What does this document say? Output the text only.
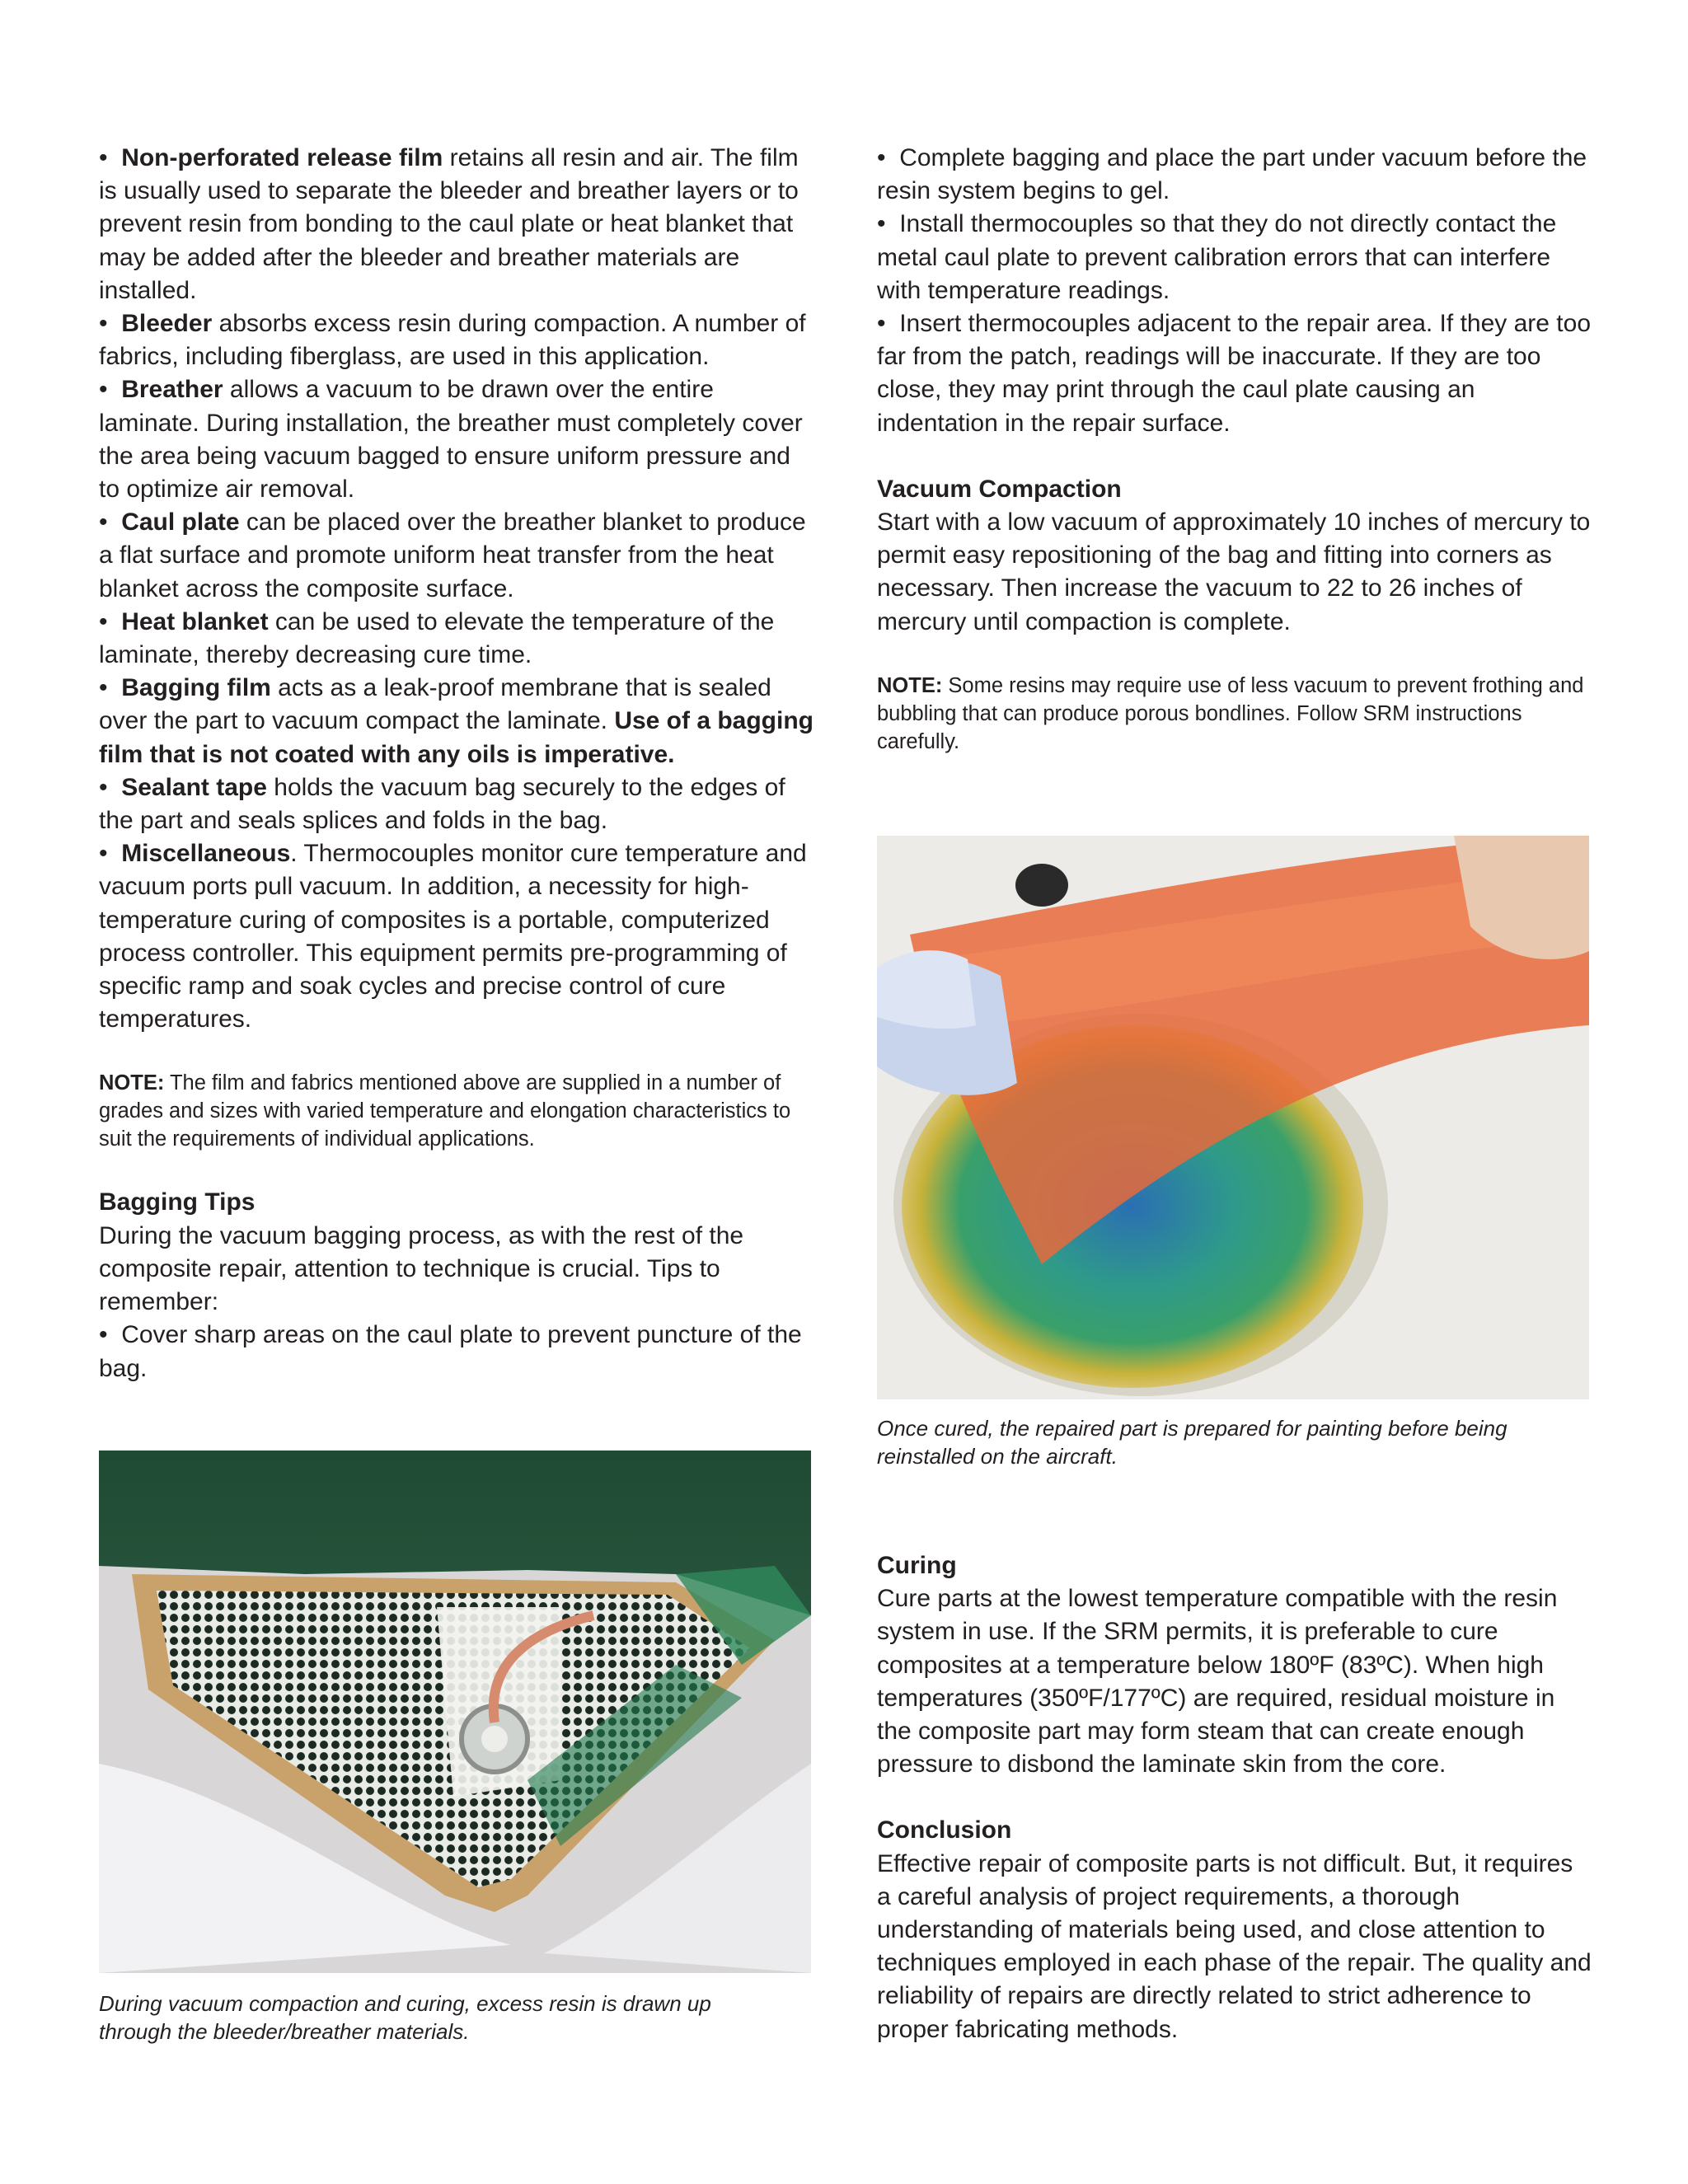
• Non-perforated release film retains all resin and air. The film is usually used to separate the bleeder and breather layers or to prevent resin from bonding to the caul plate or heat blanket that may be added after the bleeder and breather materials are installed.

• Bleeder absorbs excess resin during compaction. A number of fabrics, including fiberglass, are used in this application.

• Breather allows a vacuum to be drawn over the entire laminate. During installation, the breather must completely cover the area being vacuum bagged to ensure uniform pressure and to optimize air removal.

• Caul plate can be placed over the breather blanket to produce a flat surface and promote uniform heat transfer from the heat blanket across the composite surface.

• Heat blanket can be used to elevate the temperature of the laminate, thereby decreasing cure time.

• Bagging film acts as a leak-proof membrane that is sealed over the part to vacuum compact the laminate. Use of a bagging film that is not coated with any oils is imperative.

• Sealant tape holds the vacuum bag securely to the edges of the part and seals splices and folds in the bag.

• Miscellaneous. Thermocouples monitor cure temperature and vacuum ports pull vacuum. In addition, a necessity for high-temperature curing of composites is a portable, computerized process controller. This equipment permits pre-programming of specific ramp and soak cycles and precise control of cure temperatures.

NOTE: The film and fabrics mentioned above are supplied in a number of grades and sizes with varied temperature and elongation characteristics to suit the requirements of individual applications.

Bagging Tips

During the vacuum bagging process, as with the rest of the composite repair, attention to technique is crucial. Tips to remember:

• Cover sharp areas on the caul plate to prevent puncture of the bag.

During vacuum compaction and curing, excess resin is drawn up through the bleeder/breather materials.

• Complete bagging and place the part under vacuum before the resin system begins to gel.

• Install thermocouples so that they do not directly contact the metal caul plate to prevent calibration errors that can interfere with temperature readings.

• Insert thermocouples adjacent to the repair area. If they are too far from the patch, readings will be inaccurate. If they are too close, they may print through the caul plate causing an indentation in the repair surface.

Vacuum Compaction

Start with a low vacuum of approximately 10 inches of mercury to permit easy repositioning of the bag and fitting into corners as necessary. Then increase the vacuum to 22 to 26 inches of mercury until compaction is complete.

NOTE: Some resins may require use of less vacuum to prevent frothing and bubbling that can produce porous bondlines. Follow SRM instructions carefully.

Once cured, the repaired part is prepared for painting before being reinstalled on the aircraft.

Curing

Cure parts at the lowest temperature compatible with the resin system in use. If the SRM permits, it is preferable to cure composites at a temperature below 180ºF (83ºC). When high temperatures (350ºF/177ºC) are required, residual moisture in the composite part may form steam that can create enough pressure to disbond the laminate skin from the core.

Conclusion

Effective repair of composite parts is not difficult. But, it requires a careful analysis of project requirements, a thorough understanding of materials being used, and close attention to techniques employed in each phase of the repair. The quality and reliability of repairs are directly related to strict adherence to proper fabricating methods.
